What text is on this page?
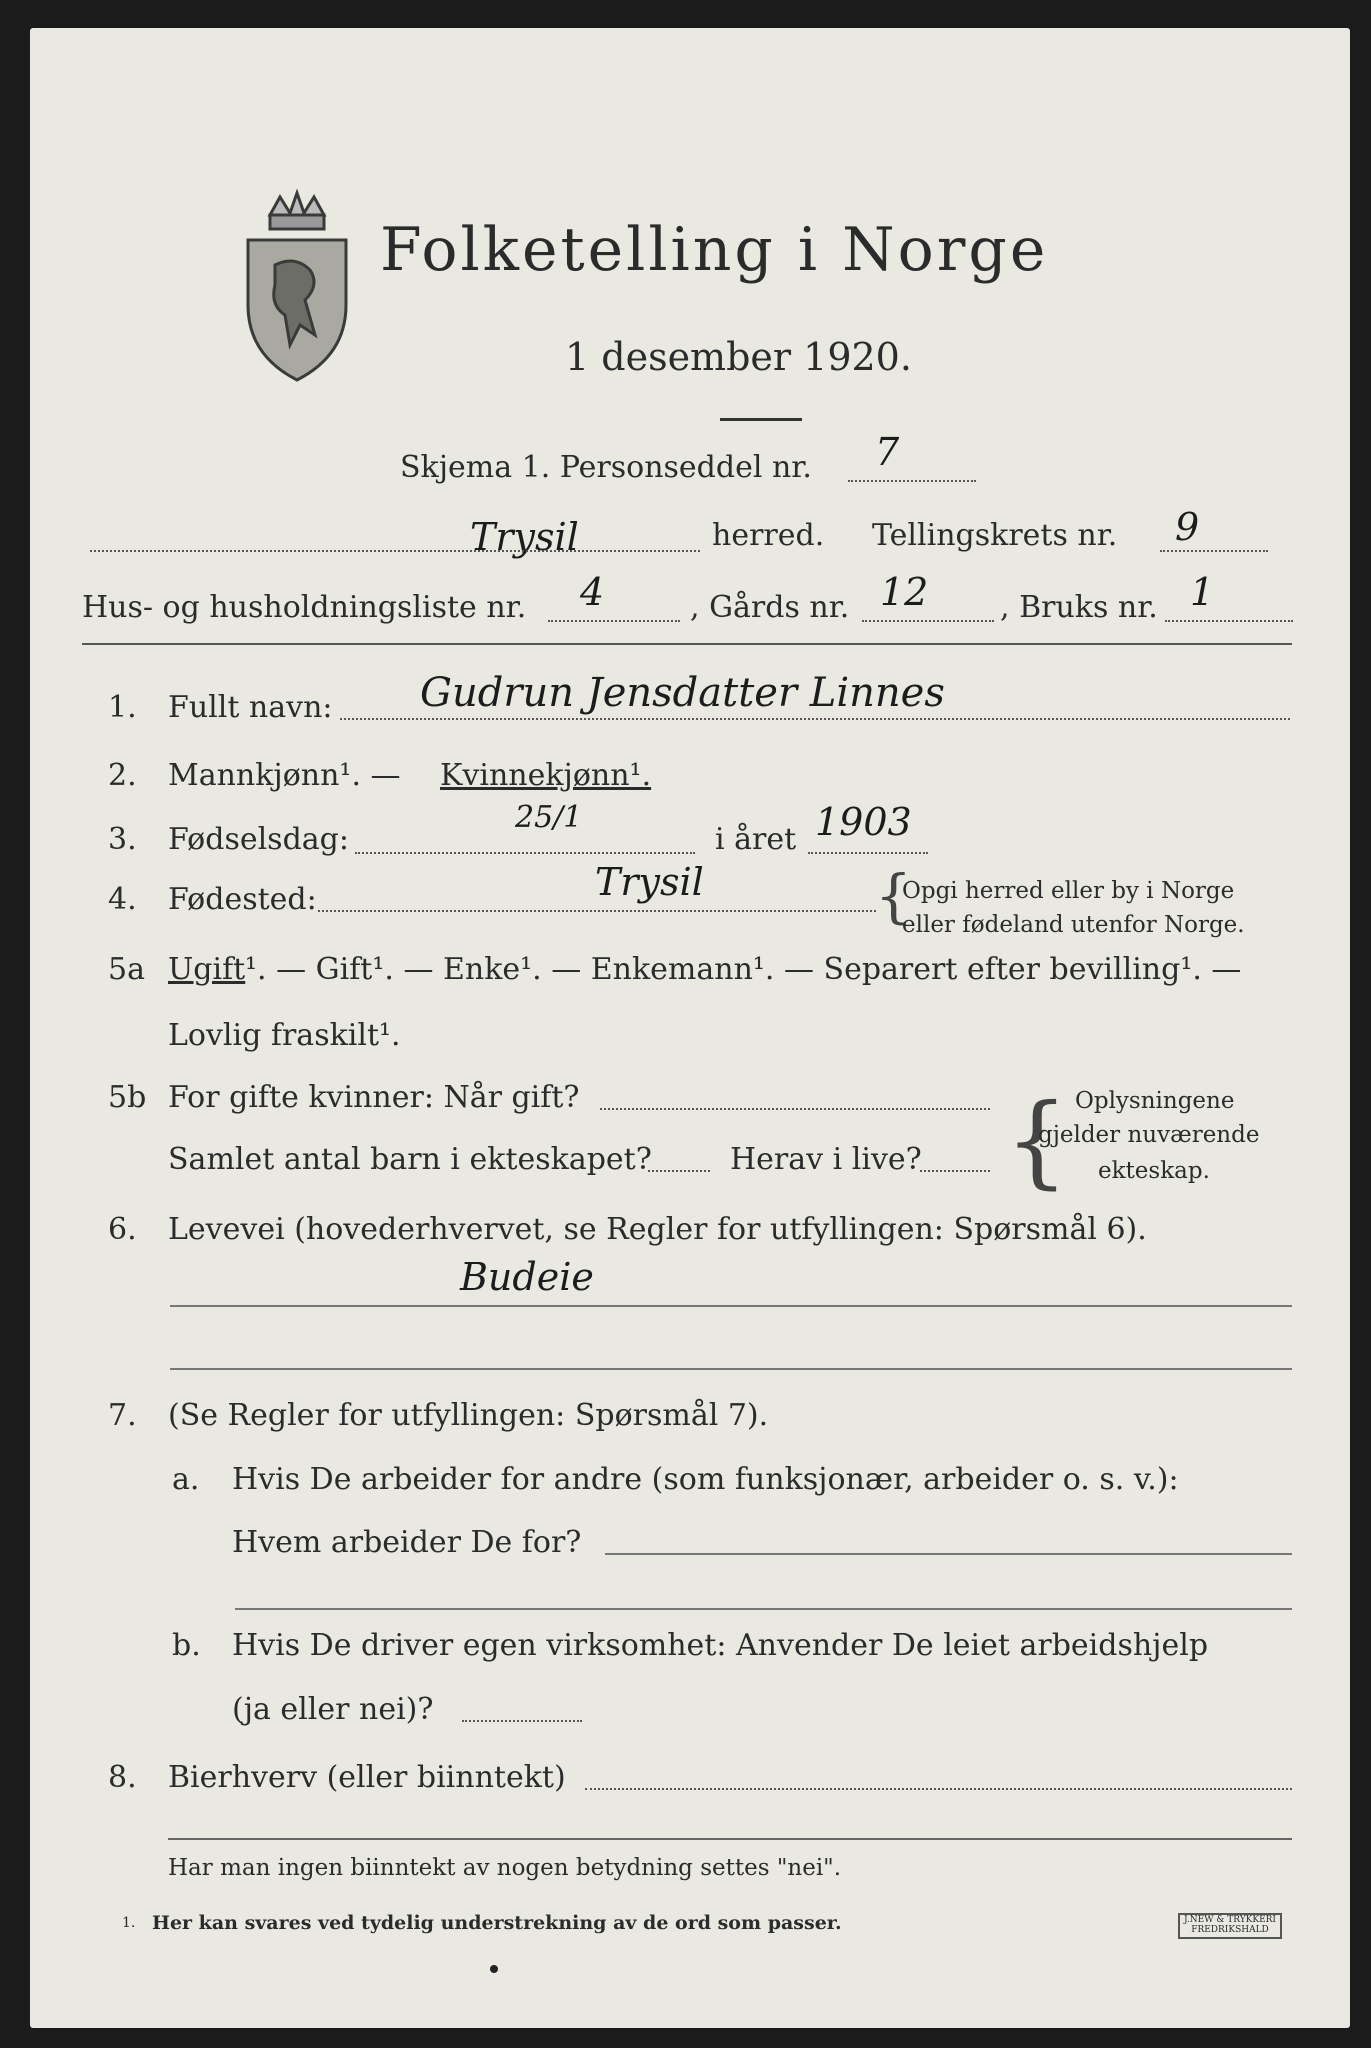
Folketelling i Norge
1 desember 1920.
Skjema 1. Personseddel nr. 7
Trysil	herred. Tellingskrets nr. 9
Hus- og husholdningsliste nr. 4	, Gårds nr. 12 , Bruks nr. 1
1. Fullt navn: Gudrun Jensdatter Linnes
2. Mannkjønn¹. — Kvinnekjønn¹.
3. Fødselsdag:
25/1
i året 1903
4. Fødested:	Trysil	{
Opgi herred eller by i Norge
eller fødeland utenfor Norge.
5a Ugift ¹. — Gift¹. — Enke¹. — Enkemann¹. — Separert efter bevilling¹. —
Lovlig fraskilt¹.
5b For gifte kvinner: Når gift?
Samlet antal barn i ekteskapet?	Herav i live? { Oplysningene
gjelder nuværende
ekteskap.
6. Levevei (hovederhvervet, se Regler for utfyllingen: Spørsmål 6).
Budeie
7. (Se Regler for utfyllingen: Spørsmål 7).
a. Hvis De arbeider for andre (som funksjonær, arbeider o. s. v.):
Hvem arbeider De for?
b. Hvis De driver egen virksomhet: Anvender De leiet arbeidshjelp
(ja eller nei)?
8. Bierhverv (eller biinntekt)
Har man ingen biinntekt av nogen betydning settes "nei".
1. Her kan svares ved tydelig understrekning av de ord som passer.	J.NEW & TRYKKERI FREDRIKSHALD
